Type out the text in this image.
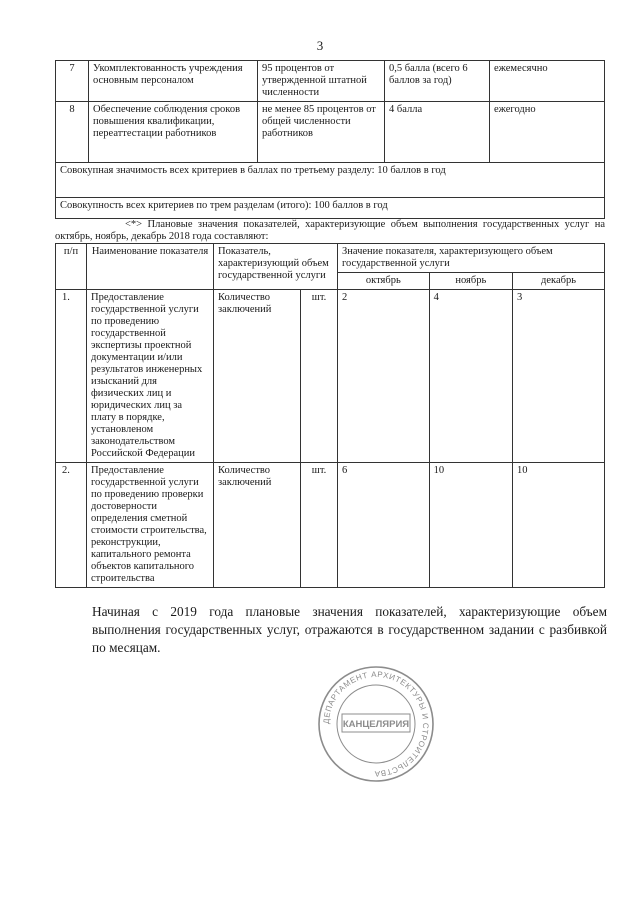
3
7	Укомплектованность учреждения основным персоналом	95 процентов от утвержденной штатной численности	0,5 балла (всего 6 баллов за год)	ежемесячно
8	Обеспечение соблюдения сроков повышения квалификации, переаттестации работников	не менее 85 процентов от общей численности работников	4 балла	ежегодно
Совокупная значимость всех критериев в баллах по третьему разделу: 10 баллов в год				
Совокупность всех критериев по трем разделам (итого): 100 баллов в год				
<*> Плановые значения показателей, характеризующие объем выполнения государственных услуг на октябрь, ноябрь, декабрь 2018 года составляют:
п/п	Наименование показателя	Показатель, характеризующий объем государственной услуги		Значение показателя, характеризующего объем государственной услуги		
				октябрь	ноябрь	декабрь
1.	Предоставление государственной услуги по проведению государственной экспертизы проектной документации и/или результатов инженерных изысканий для физических лиц и юридических лиц за плату в порядке, установленом законодательством Российской Федерации	Количество заключений	шт.	2	4	3
2.	Предоставление государственной услуги по проведению проверки достоверности определения сметной стоимости строительства, реконструкции, капитального ремонта объектов капитального строительства	Количество заключений	шт.	6	10	10
Начиная с 2019 года плановые значения показателей, характеризующие объем выполнения государственных услуг, отражаются в государственном задании с разбивкой по месяцам.
ДЕПАРТАМЕНТ АРХИТЕКТУРЫ И СТРОИТЕЛЬСТВА
КАНЦЕЛЯРИЯ
